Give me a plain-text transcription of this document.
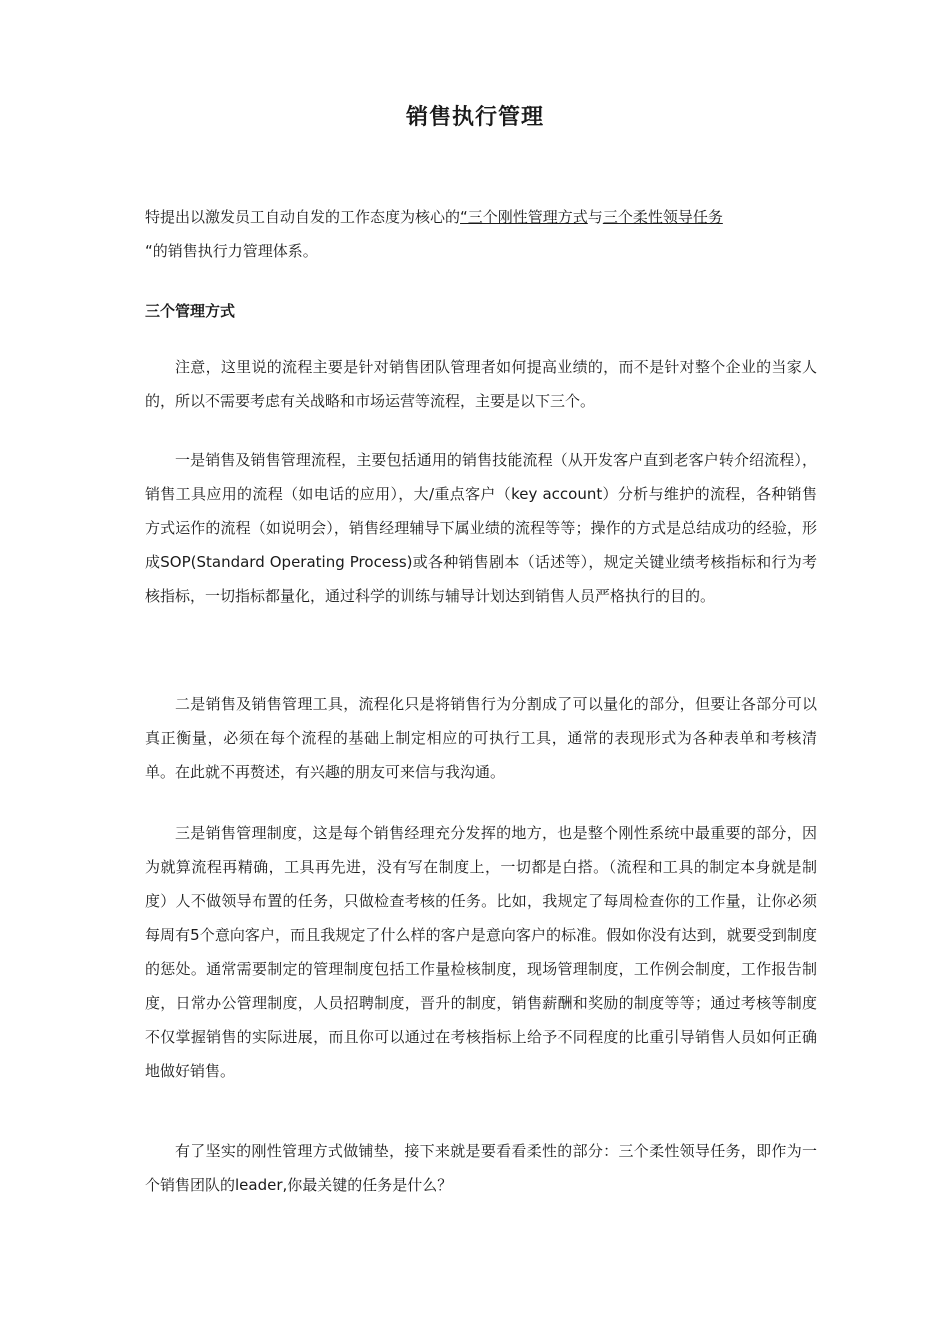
销售执行管理
特提出以激发员工自动自发的工作态度为核心的“三个刚性管理方式与三个柔性领导任务
“的销售执行力管理体系。
三个管理方式
注意，这里说的流程主要是针对销售团队管理者如何提高业绩的，而不是针对整个企业的当家人的，所以不需要考虑有关战略和市场运营等流程，主要是以下三个。
一是销售及销售管理流程，主要包括通用的销售技能流程（从开发客户直到老客户转介绍流程），销售工具应用的流程（如电话的应用），大/重点客户（key account）分析与维护的流程，各种销售方式运作的流程（如说明会），销售经理辅导下属业绩的流程等等；操作的方式是总结成功的经验，形成SOP(Standard Operating Process)或各种销售剧本（话述等），规定关键业绩考核指标和行为考核指标，一切指标都量化，通过科学的训练与辅导计划达到销售人员严格执行的目的。
二是销售及销售管理工具，流程化只是将销售行为分割成了可以量化的部分，但要让各部分可以真正衡量，必须在每个流程的基础上制定相应的可执行工具，通常的表现形式为各种表单和考核清单。在此就不再赘述，有兴趣的朋友可来信与我沟通。
三是销售管理制度，这是每个销售经理充分发挥的地方，也是整个刚性系统中最重要的部分，因为就算流程再精确，工具再先进，没有写在制度上，一切都是白搭。（流程和工具的制定本身就是制度）人不做领导布置的任务，只做检查考核的任务。比如，我规定了每周检查你的工作量，让你必须每周有5个意向客户，而且我规定了什么样的客户是意向客户的标准。假如你没有达到，就要受到制度的惩处。通常需要制定的管理制度包括工作量检核制度，现场管理制度，工作例会制度，工作报告制度，日常办公管理制度，人员招聘制度，晋升的制度，销售薪酬和奖励的制度等等；通过考核等制度不仅掌握销售的实际进展，而且你可以通过在考核指标上给予不同程度的比重引导销售人员如何正确地做好销售。
有了坚实的刚性管理方式做铺垫，接下来就是要看看柔性的部分：三个柔性领导任务，即作为一个销售团队的leader,你最关键的任务是什么？
